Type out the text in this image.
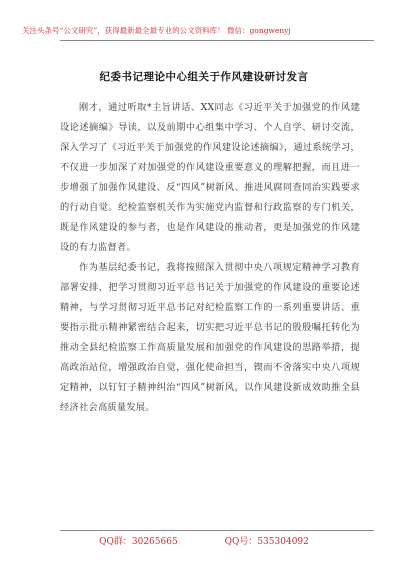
关注头条号“公文研究”，获得最新最全最专业的公文资料库！ 微信：gongwenyj
纪委书记理论中心组关于作风建设研讨发言

刚才，通过听取*主旨讲话、XX同志《习近平关于加强党的作风建设论述摘编》导读，以及前期中心组集中学习、个人自学、研讨交流，深入学习了《习近平关于加强党的作风建设论述摘编》，通过系统学习，不仅进一步加深了对加强党的作风建设重要意义的理解把握，而且进一步增强了加强作风建设、反“四风”树新风、推进风腐同查同治实践要求的行动自觉。纪检监察机关作为实施党内监督和行政监察的专门机关，既是作风建设的参与者，也是作风建设的推动者，更是加强党的作风建设的有力监督者。

作为基层纪委书记，我将按照深入贯彻中央八项规定精神学习教育部署安排，把学习贯彻习近平总书记关于加强党的作风建设的重要论述精神，与学习贯彻习近平总书记对纪检监察工作的一系列重要讲话、重要指示批示精神紧密结合起来，切实把习近平总书记的殷殷嘱托转化为推动全县纪检监察工作高质量发展和加强党的作风建设的思路举措，提高政治站位，增强政治自觉，强化使命担当，锲而不舍落实中央八项规定精神，以钉钉子精神纠治“四风”树新风，以作风建设新成效助推全县经济社会高质量发展。

QQ群：30265665	QQ号：535304092
